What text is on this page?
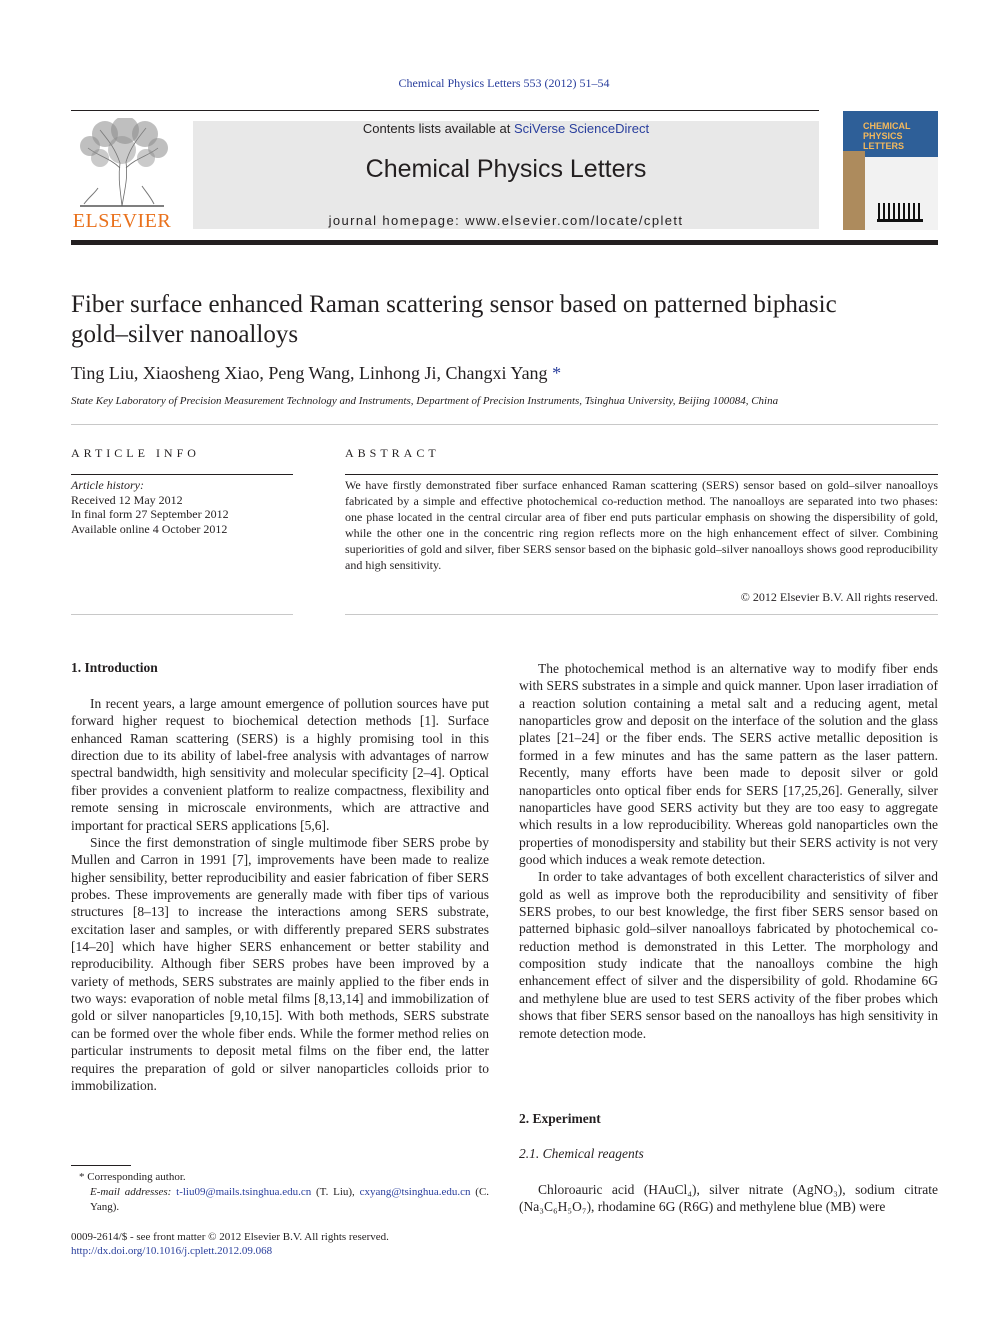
Chemical Physics Letters 553 (2012) 51–54
ELSEVIER
Contents lists available at SciVerse ScienceDirect
Chemical Physics Letters
journal homepage: www.elsevier.com/locate/cplett
CHEMICAL
PHYSICS
LETTERS
Fiber surface enhanced Raman scattering sensor based on patterned biphasic
gold–silver nanoalloys
Ting Liu, Xiaosheng Xiao, Peng Wang, Linhong Ji, Changxi Yang *
State Key Laboratory of Precision Measurement Technology and Instruments, Department of Precision Instruments, Tsinghua University, Beijing 100084, China
ARTICLE INFO
Article history:
Received 12 May 2012
In final form 27 September 2012
Available online 4 October 2012
ABSTRACT
We have firstly demonstrated fiber surface enhanced Raman scattering (SERS) sensor based on gold–silver nanoalloys fabricated by a simple and effective photochemical co-reduction method. The nanoalloys are separated into two phases: one phase located in the central circular area of fiber end puts particular emphasis on showing the dispersibility of gold, while the other one in the concentric ring region reflects more on the high enhancement effect of silver. Combining superiorities of gold and silver, fiber SERS sensor based on the biphasic gold–silver nanoalloys shows good reproducibility and high sensitivity.
© 2012 Elsevier B.V. All rights reserved.
1. Introduction

In recent years, a large amount emergence of pollution sources have put forward higher request to biochemical detection methods [1]. Surface enhanced Raman scattering (SERS) is a highly promising tool in this direction due to its ability of label-free analysis with advantages of narrow spectral bandwidth, high sensitivity and molecular specificity [2–4]. Optical fiber provides a convenient platform to realize compactness, flexibility and remote sensing in microscale environments, which are attractive and important for practical SERS applications [5,6].

Since the first demonstration of single multimode fiber SERS probe by Mullen and Carron in 1991 [7], improvements have been made to realize higher sensibility, better reproducibility and easier fabrication of fiber SERS probes. These improvements are generally made with fiber tips of various structures [8–13] to increase the interactions among SERS substrate, excitation laser and samples, or with differently prepared SERS substrates [14–20] which have higher SERS enhancement or better stability and reproducibility. Although fiber SERS probes have been improved by a variety of methods, SERS substrates are mainly applied to the fiber ends in two ways: evaporation of noble metal films [8,13,14] and immobilization of gold or silver nanoparticles [9,10,15]. With both methods, SERS substrate can be formed over the whole fiber ends. While the former method relies on particular instruments to deposit metal films on the fiber end, the latter requires the preparation of gold or silver nanoparticles colloids prior to immobilization.

The photochemical method is an alternative way to modify fiber ends with SERS substrates in a simple and quick manner. Upon laser irradiation of a reaction solution containing a metal salt and a reducing agent, metal nanoparticles grow and deposit on the interface of the solution and the glass plates [21–24] or the fiber ends. The SERS active metallic deposition is formed in a few minutes and has the same pattern as the laser pattern. Recently, many efforts have been made to deposit silver or gold nanoparticles onto optical fiber ends for SERS [17,25,26]. Generally, silver nanoparticles have good SERS activity but they are too easy to aggregate which results in a low reproducibility. Whereas gold nanoparticles own the properties of monodispersity and stability but their SERS activity is not very good which induces a weak remote detection.

In order to take advantages of both excellent characteristics of silver and gold as well as improve both the reproducibility and sensitivity of fiber SERS probes, to our best knowledge, the first fiber SERS sensor based on patterned biphasic gold–silver nanoalloys fabricated by photochemical co-reduction method is demonstrated in this Letter. The morphology and composition study indicate that the nanoalloys combine the high enhancement effect of silver and the dispersibility of gold. Rhodamine 6G and methylene blue are used to test SERS activity of the fiber probes which shows that fiber SERS sensor based on the nanoalloys has high sensitivity in remote detection mode.

2. Experiment
2.1. Chemical reagents

Chloroauric acid (HAuCl₄), silver nitrate (AgNO₃), sodium citrate (Na₃C₆H₅O₇), rhodamine 6G (R6G) and methylene blue (MB) were

* Corresponding author.
E-mail addresses: t-liu09@mails.tsinghua.edu.cn (T. Liu), cxyang@tsinghua.edu.cn (C. Yang).
0009-2614/$ - see front matter © 2012 Elsevier B.V. All rights reserved.
http://dx.doi.org/10.1016/j.cplett.2012.09.068
